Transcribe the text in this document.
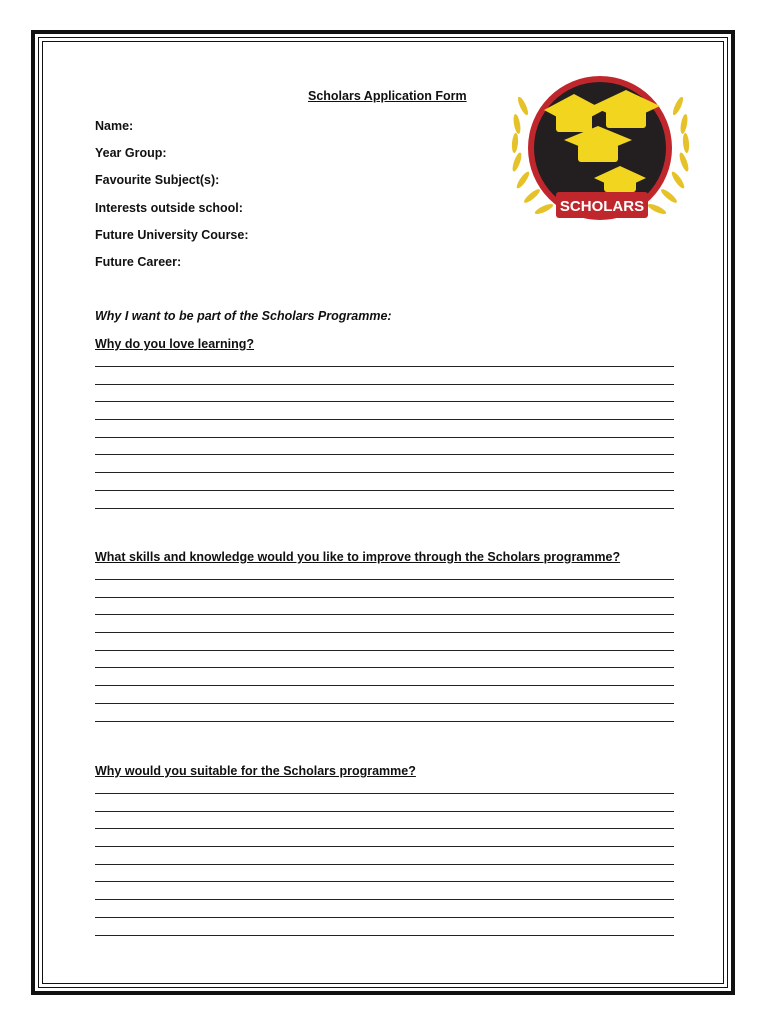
Scholars Application Form
Name:
Year Group:
Favourite Subject(s):
Interests outside school:
Future University Course:
Future Career:
Why I want to be part of the Scholars Programme:
Why do you love learning?
What skills and knowledge would you like to improve through the Scholars programme?
Why would you suitable for the Scholars programme?
SCHOLARS
